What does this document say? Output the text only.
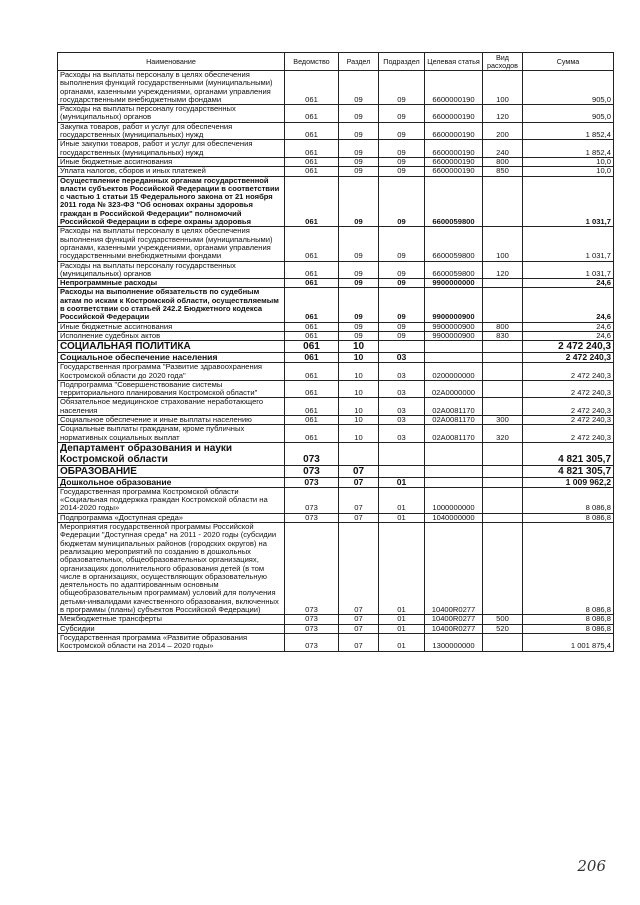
Наименование	Ведомство	Раздел	Подраздел	Целевая статья	Вид расходов	Сумма
Расходы на выплаты персоналу в целях обеспечения выполнения функций государственными (муниципальными) органами, казенными учреждениями, органами управления государственными внебюджетными фондами	061	09	09	6600000190	100	905,0
Расходы на выплаты персоналу государственных (муниципальных) органов	061	09	09	6600000190	120	905,0
Закупка товаров, работ и услуг для обеспечения государственных (муниципальных) нужд	061	09	09	6600000190	200	1 852,4
Иные закупки товаров, работ и услуг для обеспечения государственных (муниципальных) нужд	061	09	09	6600000190	240	1 852,4
Иные бюджетные ассигнования	061	09	09	6600000190	800	10,0
Уплата налогов, сборов и иных платежей	061	09	09	6600000190	850	10,0
Осуществление переданных органам государственной власти субъектов Российской Федерации в соответствии с частью 1 статьи 15 Федерального закона от 21 ноября 2011 года № 323-ФЗ "Об основах охраны здоровья граждан в Российской Федерации" полномочий Российской Федерации в сфере охраны здоровья	061	09	09	6600059800		1 031,7
Расходы на выплаты персоналу в целях обеспечения выполнения функций государственными (муниципальными) органами, казенными учреждениями, органами управления государственными внебюджетными фондами	061	09	09	6600059800	100	1 031,7
Расходы на выплаты персоналу государственных (муниципальных) органов	061	09	09	6600059800	120	1 031,7
Непрограммные расходы	061	09	09	9900000000		24,6
Расходы на выполнение обязательств по судебным актам по искам к Костромской области, осуществляемым в соответствии со статьей 242.2 Бюджетного кодекса Российской Федерации	061	09	09	9900000900		24,6
Иные бюджетные ассигнования	061	09	09	9900000900	800	24,6
Исполнение судебных актов	061	09	09	9900000900	830	24,6
СОЦИАЛЬНАЯ ПОЛИТИКА	061	10				2 472 240,3
Социальное обеспечение населения	061	10	03			2 472 240,3
Государственная программа "Развитие здравоохранения Костромской области до 2020 года"	061	10	03	0200000000		2 472 240,3
Подпрограмма "Совершенствование системы территориального планирования Костромской области"	061	10	03	02А0000000		2 472 240,3
Обязательное медицинское страхование неработающего населения	061	10	03	02А0081170		2 472 240,3
Социальное обеспечение и иные выплаты населению	061	10	03	02А0081170	300	2 472 240,3
Социальные выплаты гражданам, кроме публичных нормативных социальных выплат	061	10	03	02А0081170	320	2 472 240,3
Департамент образования и науки Костромской области	073					4 821 305,7
ОБРАЗОВАНИЕ	073	07				4 821 305,7
Дошкольное образование	073	07	01			1 009 962,2
Государственная программа Костромской области «Социальная поддержка граждан Костромской области на 2014-2020 годы»	073	07	01	1000000000		8 086,8
Подпрограмма «Доступная среда»	073	07	01	1040000000		8 086,8
Мероприятия государственной программы Российской Федерации "Доступная среда" на 2011 - 2020 годы (субсидии бюджетам муниципальных районов (городских округов) на реализацию мероприятий по созданию в дошкольных образовательных, общеобразовательных организациях, организациях дополнительного образования детей (в том числе в организациях, осуществляющих образовательную деятельность по адаптированным основным общеобразовательным программам) условий для получения детьми-инвалидами качественного образования, включенных в программы (планы) субъектов Российской Федерации)	073	07	01	10400R0277		8 086,8
Межбюджетные трансферты	073	07	01	10400R0277	500	8 086,8
Субсидии	073	07	01	10400R0277	520	8 086,8
Государственная программа «Развитие образования Костромской области на 2014 – 2020 годы»	073	07	01	1300000000		1 001 875,4
206
